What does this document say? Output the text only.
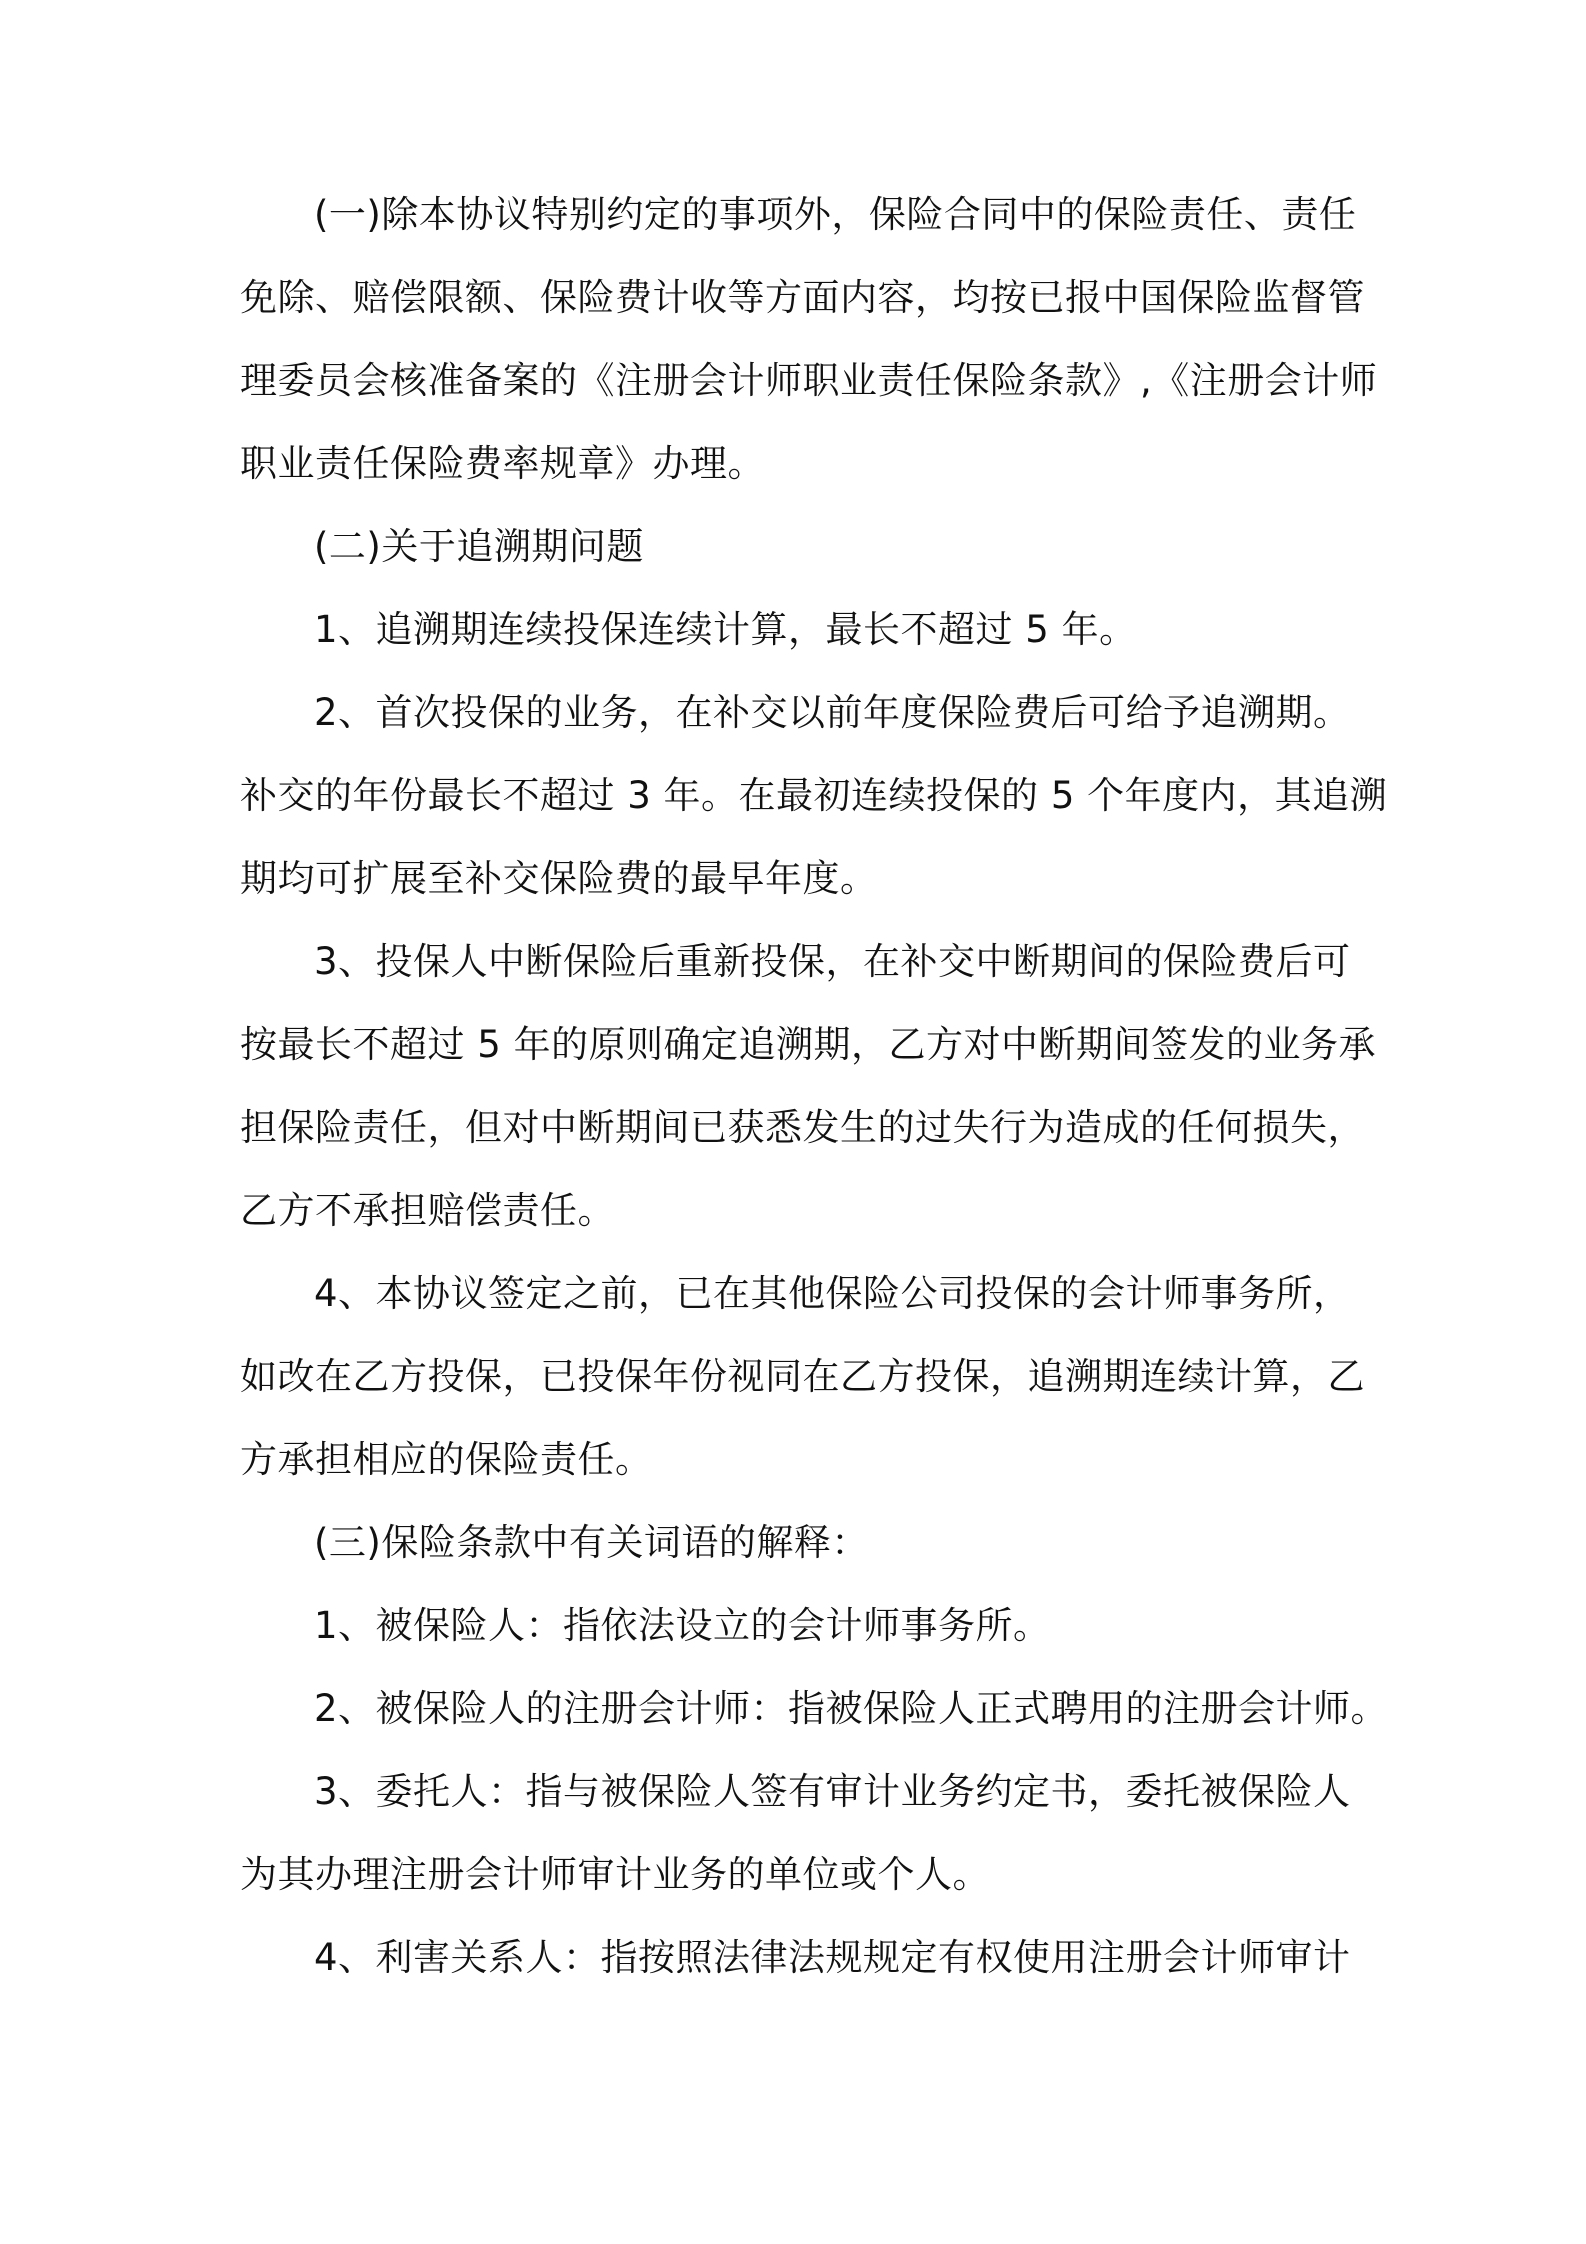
(一)除本协议特别约定的事项外，保险合同中的保险责任、责任
免除、赔偿限额、保险费计收等方面内容，均按已报中国保险监督管
理委员会核准备案的《注册会计师职业责任保险条款》,《注册会计师
职业责任保险费率规章》办理。
(二)关于追溯期问题
1、追溯期连续投保连续计算，最长不超过 5 年。
2、首次投保的业务，在补交以前年度保险费后可给予追溯期。
补交的年份最长不超过 3 年。在最初连续投保的 5 个年度内，其追溯
期均可扩展至补交保险费的最早年度。
3、投保人中断保险后重新投保，在补交中断期间的保险费后可
按最长不超过 5 年的原则确定追溯期，乙方对中断期间签发的业务承
担保险责任，但对中断期间已获悉发生的过失行为造成的任何损失，
乙方不承担赔偿责任。
4、本协议签定之前，已在其他保险公司投保的会计师事务所，
如改在乙方投保，已投保年份视同在乙方投保，追溯期连续计算，乙
方承担相应的保险责任。
(三)保险条款中有关词语的解释：
1、被保险人：指依法设立的会计师事务所。
2、被保险人的注册会计师：指被保险人正式聘用的注册会计师。
3、委托人：指与被保险人签有审计业务约定书，委托被保险人
为其办理注册会计师审计业务的单位或个人。
4、利害关系人：指按照法律法规规定有权使用注册会计师审计
